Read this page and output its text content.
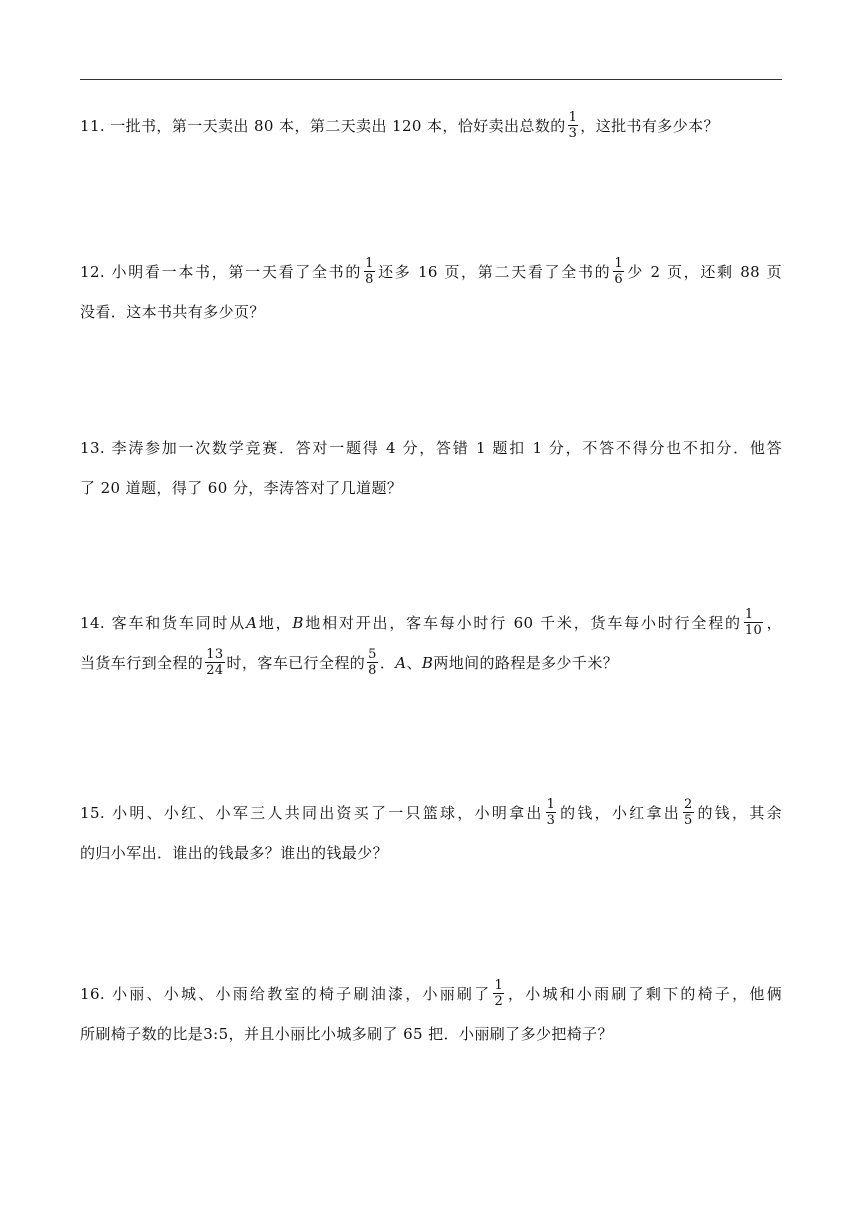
11. 一批书，第一天卖出 80 本，第二天卖出 120 本，恰好卖出总数的 $\frac{1}{3}$ ，这批书有多少本？
12. 小明看一本书，第一天看了全书的 $\frac{1}{8}$ 还多 16 页，第二天看了全书的 $\frac{1}{6}$ 少 2 页，还剩 88 页
没看．这本书共有多少页？
13. 李涛参加一次数学竞赛．答对一题得 4 分，答错 1 题扣 1 分，不答不得分也不扣分．他答
了 20 道题，得了 60 分，李涛答对了几道题？
14. 客车和货车同时从A地，B地相对开出，客车每小时行 60 千米，货车每小时行全程的 $\frac{1}{10}$ ，
当货车行到全程的 $\frac{13}{24}$ 时，客车已行全程的 $\frac{5}{8}$ ．A、B两地间的路程是多少千米？
15. 小明、小红、小军三人共同出资买了一只篮球，小明拿出 $\frac{1}{3}$ 的钱，小红拿出 $\frac{2}{5}$ 的钱，其余
的归小军出．谁出的钱最多？谁出的钱最少？
16. 小丽、小城、小雨给教室的椅子刷油漆，小丽刷了 $\frac{1}{2}$ ，小城和小雨刷了剩下的椅子，他俩
所刷椅子数的比是3:5，并且小丽比小城多刷了 65 把．小丽刷了多少把椅子？
